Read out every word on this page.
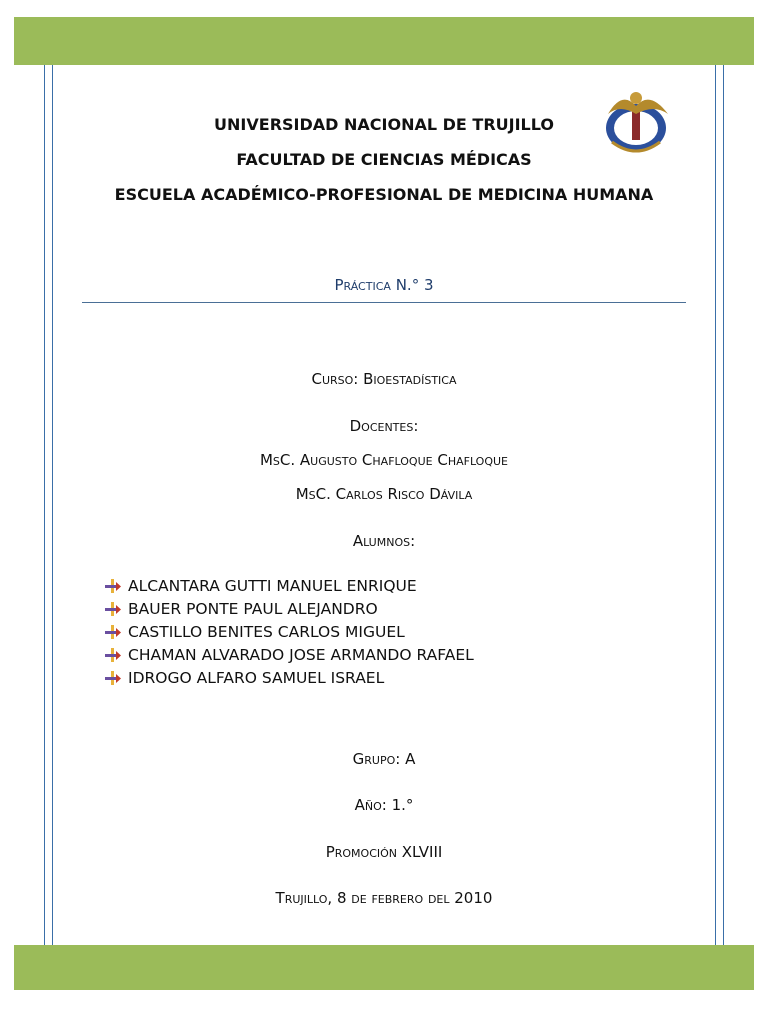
UNIVERSIDAD NACIONAL DE TRUJILLO
FACULTAD DE CIENCIAS MÉDICAS
ESCUELA ACADÉMICO-PROFESIONAL DE MEDICINA HUMANA
Práctica N.° 3
Curso: Bioestadística
Docentes:
MsC. Augusto Chafloque Chafloque
MsC. Carlos Risco Dávila
Alumnos:
ALCANTARA GUTTI MANUEL ENRIQUE
BAUER PONTE PAUL ALEJANDRO
CASTILLO BENITES CARLOS MIGUEL
CHAMAN ALVARADO JOSE ARMANDO RAFAEL
IDROGO ALFARO SAMUEL ISRAEL
Grupo: A
Año: 1.°
Promoción XLVIII
Trujillo, 8 de febrero del 2010
